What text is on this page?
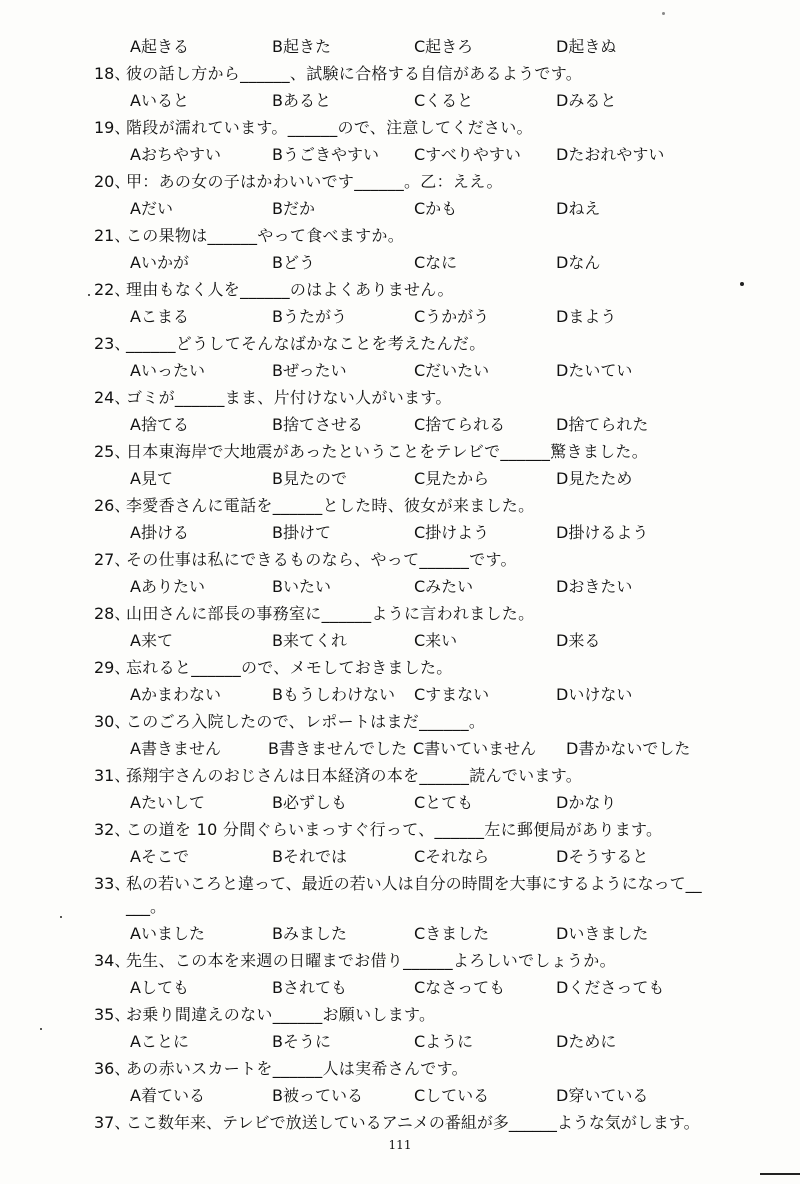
A起きる	B起きた	C起きろ	D起きぬ
18、
彼の話し方から______、試験に合格する自信があるようです。
Aいると	Bあると	Cくると	Dみると
19、
階段が濡れています。______ので、注意してください。
Aおちやすい	Bうごきやすい Cすべりやすい Dたおれやすい
20、
甲：あの女の子はかわいいです______。乙：ええ。
Aだい	Bだか	Cかも	Dねえ
21、
この果物は______やって食べますか。
Aいかが	Bどう	Cなに	Dなん
22、
理由もなく人を______のはよくありません。
Aこまる	Bうたがう	Cうかがう	Dまよう
23、
______どうしてそんなばかなことを考えたんだ。
Aいったい	Bぜったい	Cだいたい	Dたいてい
24、
ゴミが______まま、片付けない人がいます。
A捨てる	B捨てさせる	C捨てられる	D捨てられた
25、
日本東海岸で大地震があったということをテレビで______驚きました。
A見て	B見たので	C見たから	D見たため
26、
李愛香さんに電話を______とした時、彼女が来ました。
A掛ける	B掛けて	C掛けよう	D掛けるよう
27、
その仕事は私にできるものなら、やって______です。
Aありたい	Bいたい	Cみたい	Dおきたい
28、
山田さんに部長の事務室に______ように言われました。
A来て	B来てくれ	C来い	D来る
29、
忘れると______ので、メモしておきました。
Aかまわない	Bもうしわけない Cすまない	Dいけない
30、
このごろ入院したので、レポートはまだ______。
A書きません	B書きませんでした C書いていません D書かないでした
31、
孫翔宇さんのおじさんは日本経済の本を______読んでいます。
Aたいして	B必ずしも	Cとても	Dかなり
32、
この道を 10 分間ぐらいまっすぐ行って、______左に郵便局があります。
Aそこで	Bそれでは	Cそれなら	Dそうすると
33、
私の若いころと違って、最近の若い人は自分の時間を大事にするようになって__
___。
Aいました	Bみました	Cきました	Dいきました
34、
先生、この本を来週の日曜までお借り______よろしいでしょうか。
Aしても	Bされても	Cなさっても	Dくださっても
35、
お乗り間違えのない______お願いします。
Aことに	Bそうに	Cように	Dために
36、
あの赤いスカートを______人は実希さんです。
A着ている	B被っている	Cしている	D穿いている
37、
ここ数年来、テレビで放送しているアニメの番組が多______ような気がします。
111
